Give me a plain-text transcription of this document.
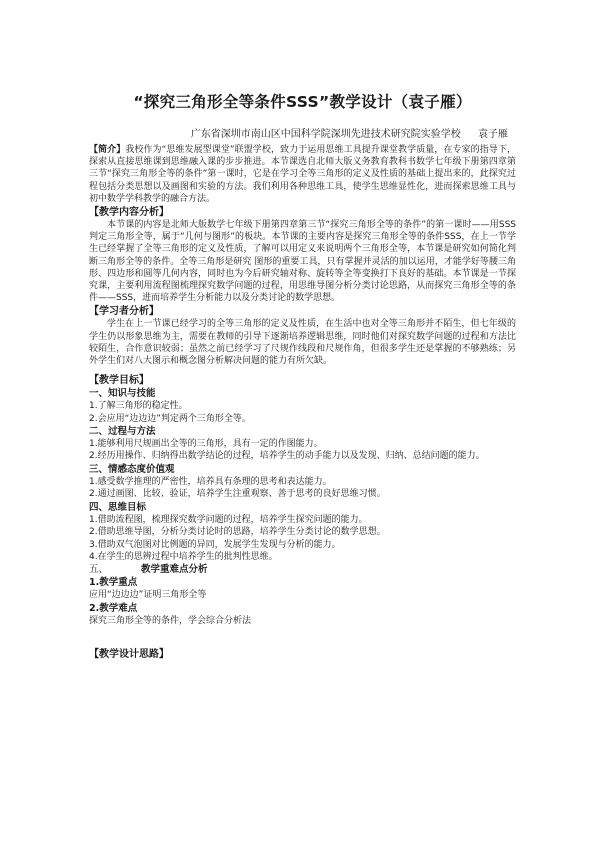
“探究三角形全等条件SSS”教学设计（袁子雁）
广东省深圳市南山区中国科学院深圳先进技术研究院实验学校　 袁子雁
【简介】我校作为“思维发展型课堂”联盟学校，致力于运用思维工具提升课堂教学质量，在专家的指导下，探索从直接思维课到思维融入课的步步推进。本节课选自北师大版义务教育教科书数学七年级下册第四章第三节“探究三角形全等的条件”第一课时，它是在学习全等三角形的定义及性质的基础上提出来的，此探究过程包括分类思想以及画图和实验的方法。我们利用各种思维工具，使学生思维显性化，进而探索思维工具与初中数学学科教学的融合方法。
【教学内容分析】
本节课的内容是北师大版数学七年级下册第四章第三节“探究三角形全等的条件”的第一课时——用SSS判定三角形全等，属于“几何与图形”的板块。本节课的主要内容是探究三角形全等的条件SSS，在上一节学生已经掌握了全等三角形的定义及性质，了解可以用定义来说明两个三角形全等，本节课是研究如何简化判断三角形全等的条件。全等三角形是研究 图形的重要工具，只有掌握并灵活的加以运用，才能学好等腰三角形、四边形和圆等几何内容，同时也为今后研究轴对称、旋转等全等变换打下良好的基础。本节课是一节探究课，主要利用流程图梳理探究数学问题的过程，用思维导图分析分类讨论思路，从而探究三角形全等的条件——SSS，进而培养学生分析能力以及分类讨论的数学思想。
【学习者分析】
学生在上一节课已经学习的全等三角形的定义及性质，在生活中也对全等三角形并不陌生，但七年级的学生仍以形象思维为主，需要在教师的引导下逐渐培养逻辑思维，同时他们对探究数学问题的过程和方法比较陌生，合作意识较弱；虽然之前已经学习了尺规作线段和尺规作角，但很多学生还是掌握的不够熟练；另外学生们对八大图示和概念图分析解决问题的能力有所欠缺。
【教学目标】
一、知识与技能
1.了解三角形的稳定性。
2.会应用“边边边”判定两个三角形全等。
二、过程与方法
1.能够利用尺规画出全等的三角形，具有一定的作图能力。
2.经历用操作、归纳得出数学结论的过程，培养学生的动手能力以及发现、归纳、总结问题的能力。
三、情感态度价值观
1.感受数学推理的严密性，培养具有条理的思考和表达能力。
2.通过画图、比较、验证，培养学生注重观察、善于思考的良好思维习惯。
四、思维目标
1.借助流程图，梳理探究数学问题的过程，培养学生探究问题的能力。
2.借助思维导图，分析分类讨论时的思路，培养学生分类讨论的数学思想。
3.借助双气泡图对比例题的异同，发展学生发现与分析的能力。
4.在学生的思辨过程中培养学生的批判性思维。
五、	教学重难点分析
1.教学重点
应用“边边边”证明三角形全等
2.教学难点
探究三角形全等的条件，学会综合分析法
【教学设计思路】
